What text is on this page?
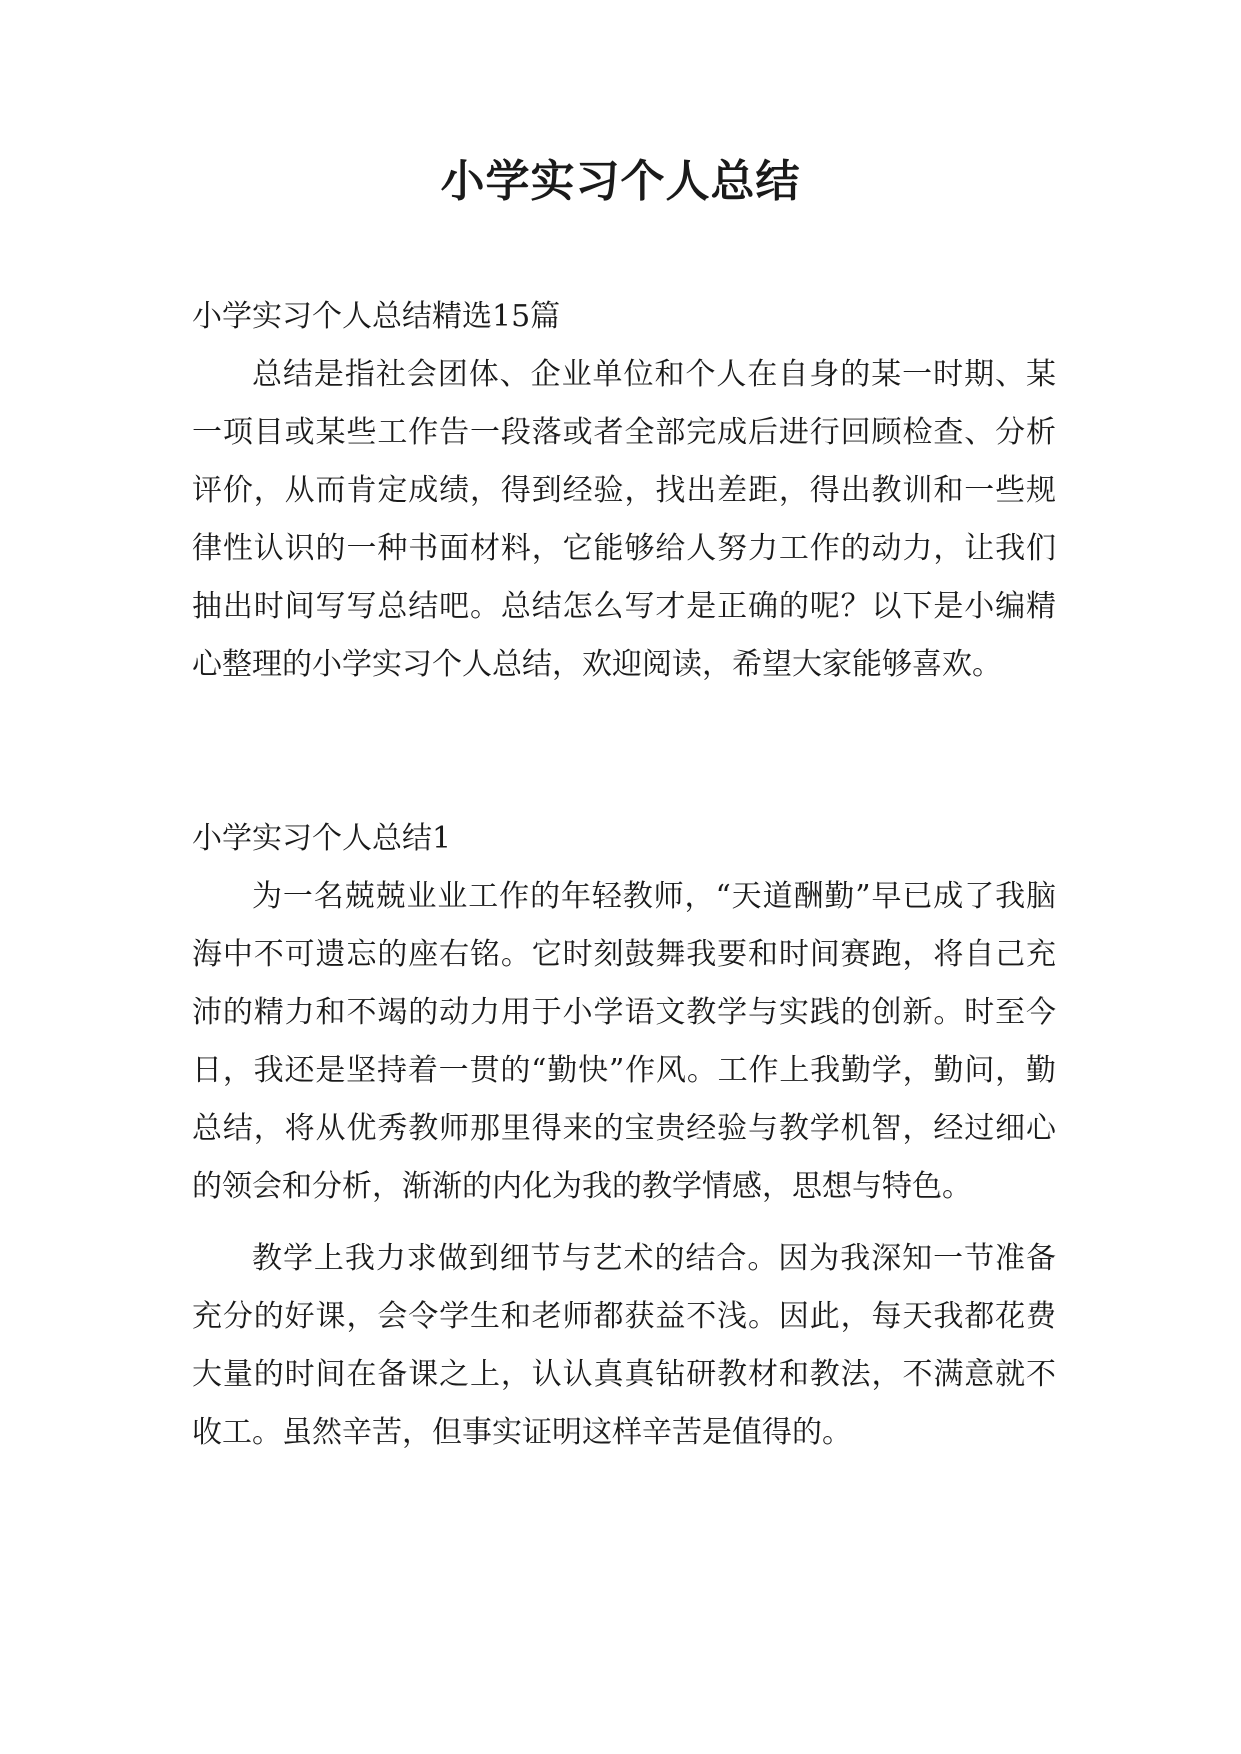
小学实习个人总结

小学实习个人总结精选15篇

总结是指社会团体、企业单位和个人在自身的某一时期、某一项目或某些工作告一段落或者全部完成后进行回顾检查、分析评价，从而肯定成绩，得到经验，找出差距，得出教训和一些规律性认识的一种书面材料，它能够给人努力工作的动力，让我们抽出时间写写总结吧。总结怎么写才是正确的呢？以下是小编精心整理的小学实习个人总结，欢迎阅读，希望大家能够喜欢。

小学实习个人总结1

为一名兢兢业业工作的年轻教师，“天道酬勤”早已成了我脑海中不可遗忘的座右铭。它时刻鼓舞我要和时间赛跑，将自己充沛的精力和不竭的动力用于小学语文教学与实践的创新。时至今日，我还是坚持着一贯的“勤快”作风。工作上我勤学，勤问，勤总结，将从优秀教师那里得来的宝贵经验与教学机智，经过细心的领会和分析，渐渐的内化为我的教学情感，思想与特色。

教学上我力求做到细节与艺术的结合。因为我深知一节准备充分的好课，会令学生和老师都获益不浅。因此，每天我都花费大量的时间在备课之上，认认真真钻研教材和教法，不满意就不收工。虽然辛苦，但事实证明这样辛苦是值得的。
